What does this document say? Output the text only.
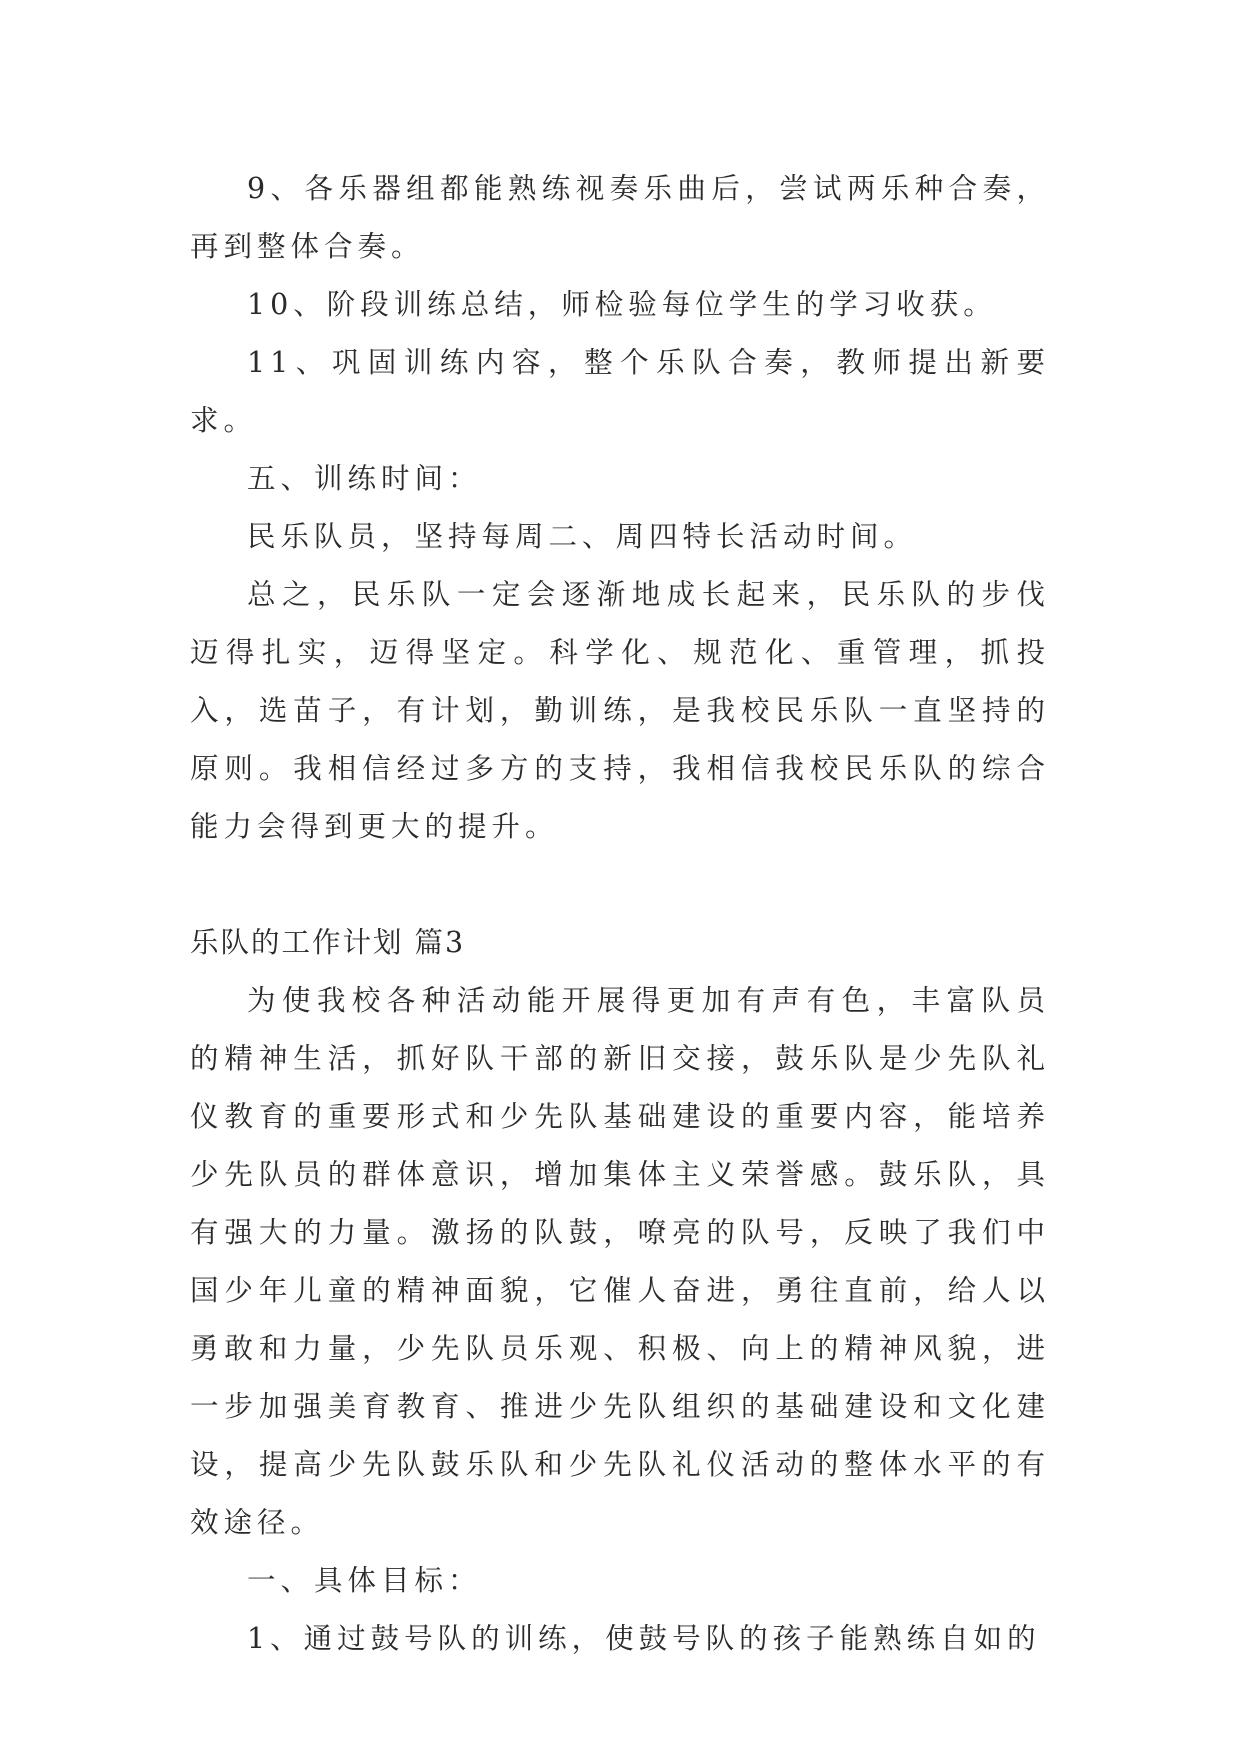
9、各乐器组都能熟练视奏乐曲后，尝试两乐种合奏，再到整体合奏。

10、阶段训练总结，师检验每位学生的学习收获。

11、巩固训练内容，整个乐队合奏，教师提出新要求。

五、训练时间：

民乐队员，坚持每周二、周四特长活动时间。

总之，民乐队一定会逐渐地成长起来，民乐队的步伐迈得扎实，迈得坚定。科学化、规范化、重管理，抓投入，选苗子，有计划，勤训练，是我校民乐队一直坚持的原则。我相信经过多方的支持，我相信我校民乐队的综合能力会得到更大的提升。

乐队的工作计划 篇3

为使我校各种活动能开展得更加有声有色，丰富队员的精神生活，抓好队干部的新旧交接，鼓乐队是少先队礼仪教育的重要形式和少先队基础建设的重要内容，能培养少先队员的群体意识，增加集体主义荣誉感。鼓乐队，具有强大的力量。激扬的队鼓，嘹亮的队号，反映了我们中国少年儿童的精神面貌，它催人奋进，勇往直前，给人以勇敢和力量，少先队员乐观、积极、向上的精神风貌，进一步加强美育教育、推进少先队组织的基础建设和文化建设，提高少先队鼓乐队和少先队礼仪活动的整体水平的有效途径。

一、具体目标：

1、通过鼓号队的训练，使鼓号队的孩子能熟练自如的
